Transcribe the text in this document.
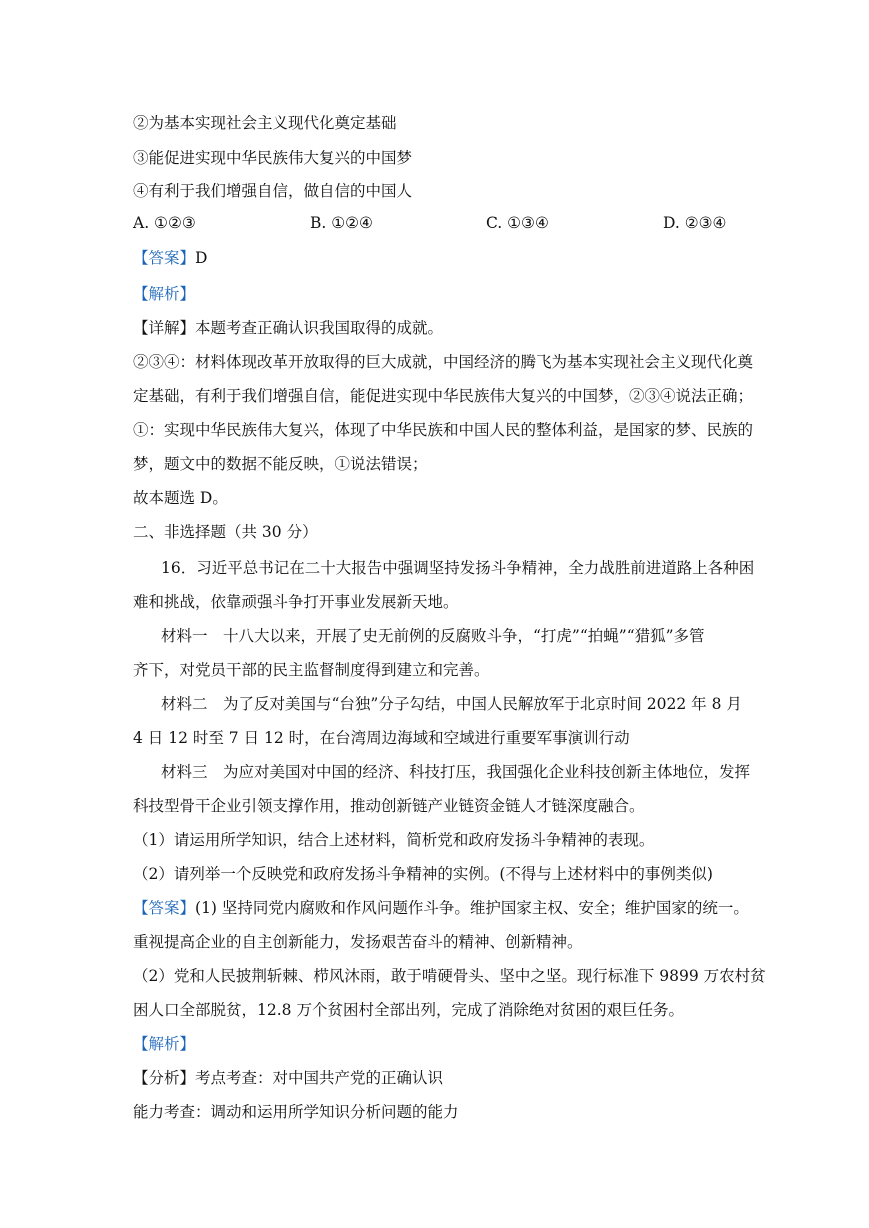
②为基本实现社会主义现代化奠定基础
③能促进实现中华民族伟大复兴的中国梦
④有利于我们增强自信，做自信的中国人
A. ①②③	B. ①②④	C. ①③④	D. ②③④
【答案】D
【解析】
【详解】本题考查正确认识我国取得的成就。
②③④：材料体现改革开放取得的巨大成就，中国经济的腾飞为基本实现社会主义现代化奠
定基础，有利于我们增强自信，能促进实现中华民族伟大复兴的中国梦，②③④说法正确；
①：实现中华民族伟大复兴，体现了中华民族和中国人民的整体利益，是国家的梦、民族的
梦，题文中的数据不能反映，①说法错误；
故本题选 D。
二、非选择题（共 30 分）
16．习近平总书记在二十大报告中强调坚持发扬斗争精神，全力战胜前进道路上各种困
难和挑战，依靠顽强斗争打开事业发展新天地。
材料一　十八大以来，开展了史无前例的反腐败斗争，“打虎”“拍蝇”“猎狐”多管
齐下，对党员干部的民主监督制度得到建立和完善。
材料二　为了反对美国与“台独”分子勾结，中国人民解放军于北京时间 2022 年 8 月
4 日 12 时至 7 日 12 时，在台湾周边海域和空域进行重要军事演训行动
材料三　为应对美国对中国的经济、科技打压，我国强化企业科技创新主体地位，发挥
科技型骨干企业引领支撑作用，推动创新链产业链资金链人才链深度融合。
（1）请运用所学知识，结合上述材料，简析党和政府发扬斗争精神的表现。
（2）请列举一个反映党和政府发扬斗争精神的实例。(不得与上述材料中的事例类似)
【答案】(1) 坚持同党内腐败和作风问题作斗争。维护国家主权、安全；维护国家的统一。
重视提高企业的自主创新能力，发扬艰苦奋斗的精神、创新精神。
（2）党和人民披荆斩棘、栉风沐雨，敢于啃硬骨头、坚中之坚。现行标准下 9899 万农村贫
困人口全部脱贫，12.8 万个贫困村全部出列，完成了消除绝对贫困的艰巨任务。
【解析】
【分析】考点考查：对中国共产党的正确认识
能力考查：调动和运用所学知识分析问题的能力
